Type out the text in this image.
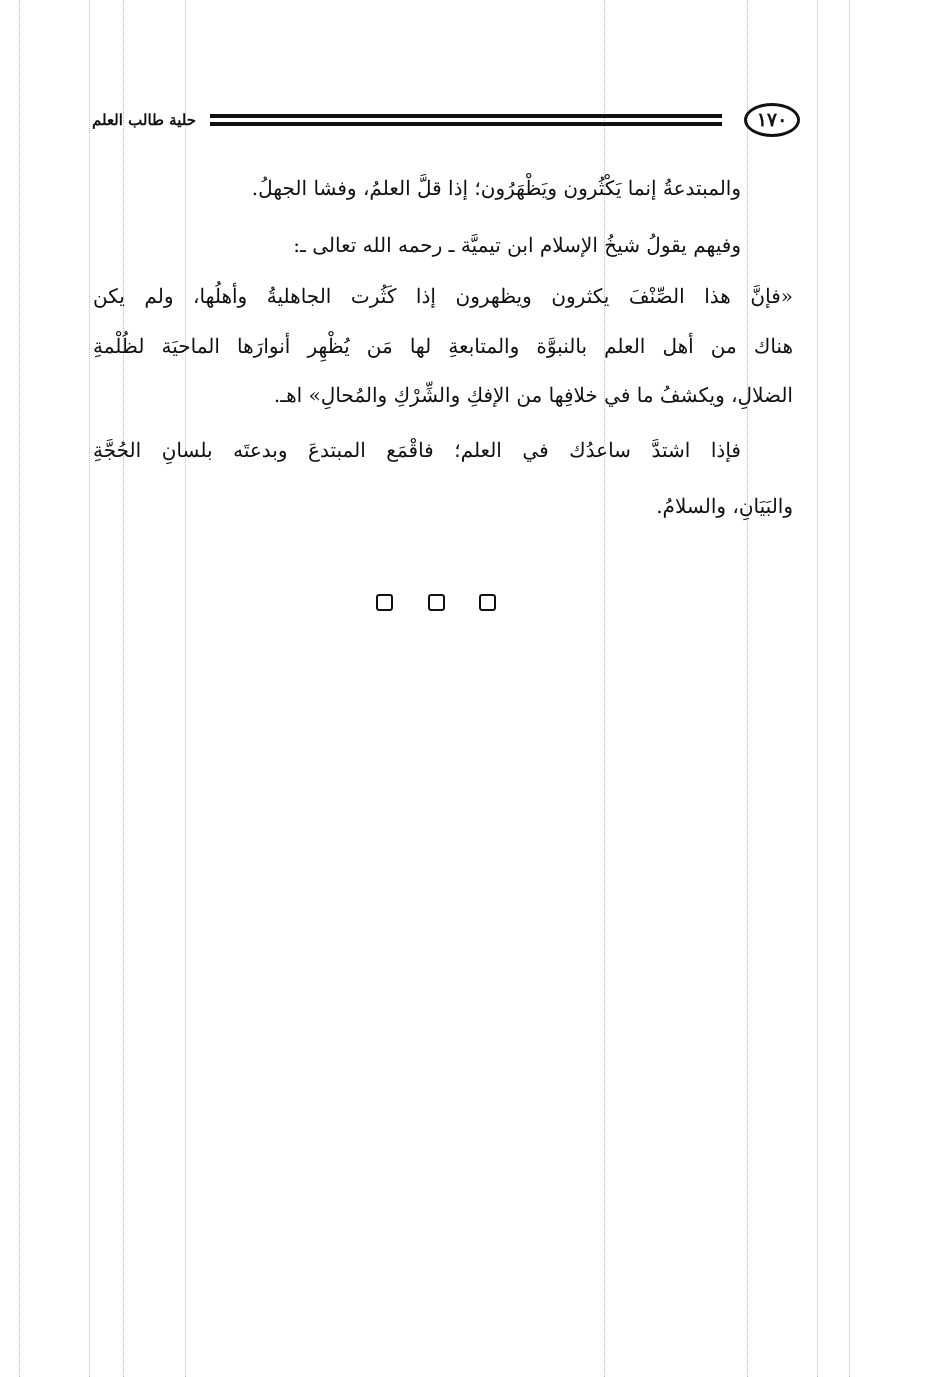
حلية طالب العلم	١٧٠
والمبتدعةُ إنما يَكْثُرون ويَظْهَرُون؛ إذا قلَّ العلمُ، وفشا الجهلُ.
وفيهم يقولُ شيخُ الإسلام ابن تيميَّة ـ رحمه الله تعالى ـ:
«فإنَّ هذا الصِّنْفَ يكثرون ويظهرون إذا كَثُرت الجاهليةُ وأهلُها، ولم يكن
هناك من أهل العلم بالنبوَّة والمتابعةِ لها مَن يُظْهِر أنوارَها الماحيَة لظُلْمةِ
الضلالِ، ويكشفُ ما في خلافِها من الإفكِ والشِّرْكِ والمُحالِ» اهـ.
فإذا اشتدَّ ساعدُك في العلم؛ فاقْمَع المبتدعَ وبدعتَه بلسانِ الحُجَّةِ
والبَيَانِ، والسلامُ.
